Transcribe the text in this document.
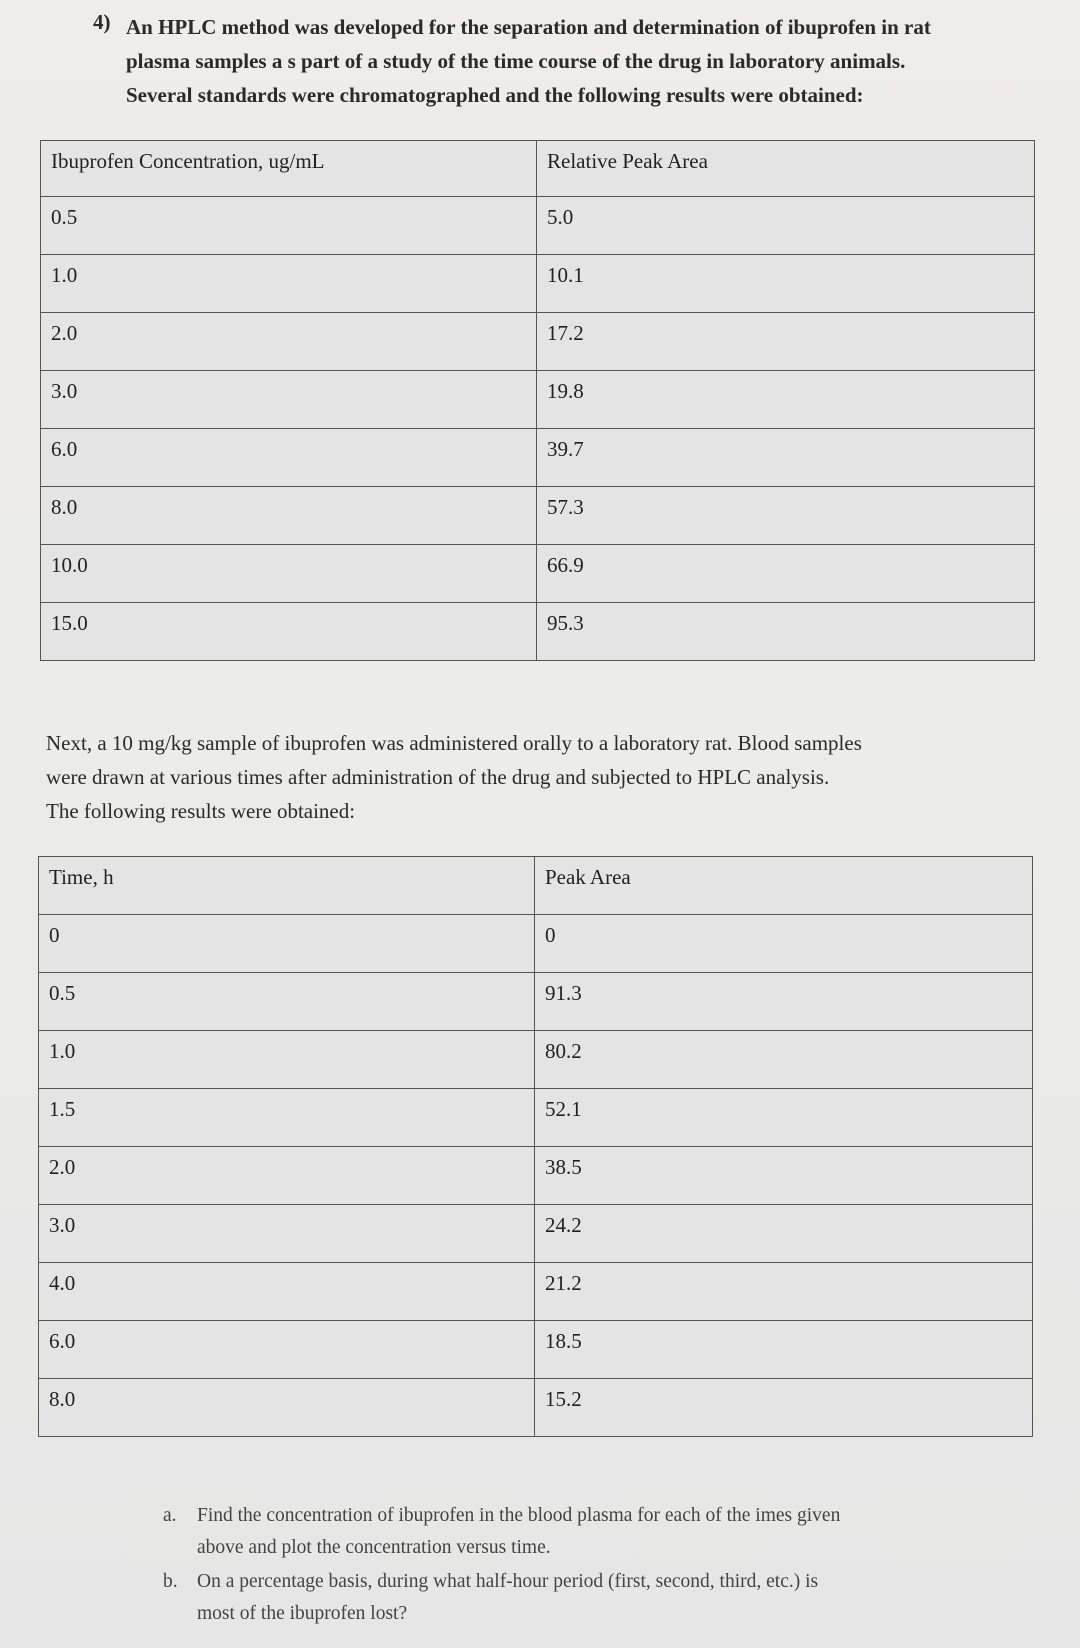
4) An HPLC method was developed for the separation and determination of ibuprofen in rat
plasma samples a s part of a study of the time course of the drug in laboratory animals.
Several standards were chromatographed and the following results were obtained:
Ibuprofen Concentration, ug/mL	Relative Peak Area
0.5	5.0
1.0	10.1
2.0	17.2
3.0	19.8
6.0	39.7
8.0	57.3
10.0	66.9
15.0	95.3
Next, a 10 mg/kg sample of ibuprofen was administered orally to a laboratory rat. Blood samples
were drawn at various times after administration of the drug and subjected to HPLC analysis.
The following results were obtained:
Time, h	Peak Area
0	0
0.5	91.3
1.0	80.2
1.5	52.1
2.0	38.5
3.0	24.2
4.0	21.2
6.0	18.5
8.0	15.2
a. Find the concentration of ibuprofen in the blood plasma for each of the imes given
above and plot the concentration versus time.
b. On a percentage basis, during what half-hour period (first, second, third, etc.) is
most of the ibuprofen lost?
